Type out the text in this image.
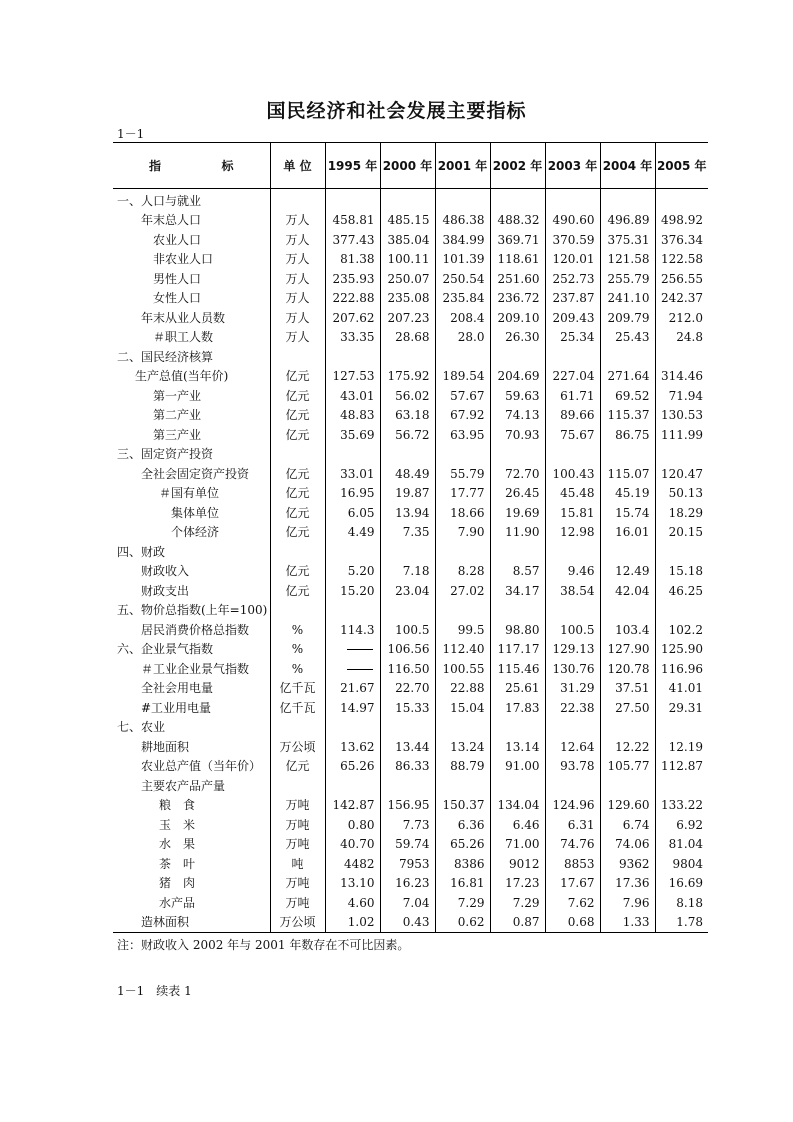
国民经济和社会发展主要指标
1－1
指 标	单 位	1995 年	2000 年	2001 年	2002 年	2003 年	2004 年	2005 年
一、人口与就业								
年末总人口	万人	458.81	485.15	486.38	488.32	490.60	496.89	498.92
农业人口	万人	377.43	385.04	384.99	369.71	370.59	375.31	376.34
非农业人口	万人	81.38	100.11	101.39	118.61	120.01	121.58	122.58
男性人口	万人	235.93	250.07	250.54	251.60	252.73	255.79	256.55
女性人口	万人	222.88	235.08	235.84	236.72	237.87	241.10	242.37
年末从业人员数	万人	207.62	207.23	208.4	209.10	209.43	209.79	212.0
＃职工人数	万人	33.35	28.68	28.0	26.30	25.34	25.43	24.8
二、国民经济核算								
生产总值(当年价)	亿元	127.53	175.92	189.54	204.69	227.04	271.64	314.46
第一产业	亿元	43.01	56.02	57.67	59.63	61.71	69.52	71.94
第二产业	亿元	48.83	63.18	67.92	74.13	89.66	115.37	130.53
第三产业	亿元	35.69	56.72	63.95	70.93	75.67	86.75	111.99
三、固定资产投资								
全社会固定资产投资	亿元	33.01	48.49	55.79	72.70	100.43	115.07	120.47
＃国有单位	亿元	16.95	19.87	17.77	26.45	45.48	45.19	50.13
集体单位	亿元	6.05	13.94	18.66	19.69	15.81	15.74	18.29
个体经济	亿元	4.49	7.35	7.90	11.90	12.98	16.01	20.15
四、财政								
财政收入	亿元	5.20	7.18	8.28	8.57	9.46	12.49	15.18
财政支出	亿元	15.20	23.04	27.02	34.17	38.54	42.04	46.25
五、物价总指数(上年=100)								
居民消费价格总指数	%	114.3	100.5	99.5	98.80	100.5	103.4	102.2
六、企业景气指数	%		106.56	112.40	117.17	129.13	127.90	125.90
＃工业企业景气指数	%		116.50	100.55	115.46	130.76	120.78	116.96
全社会用电量	亿千瓦	21.67	22.70	22.88	25.61	31.29	37.51	41.01
#工业用电量	亿千瓦	14.97	15.33	15.04	17.83	22.38	27.50	29.31
七、农业								
耕地面积	万公顷	13.62	13.44	13.24	13.14	12.64	12.22	12.19
农业总产值（当年价）	亿元	65.26	86.33	88.79	91.00	93.78	105.77	112.87
主要农产品产量								
粮　食	万吨	142.87	156.95	150.37	134.04	124.96	129.60	133.22
玉　米	万吨	0.80	7.73	6.36	6.46	6.31	6.74	6.92
水　果	万吨	40.70	59.74	65.26	71.00	74.76	74.06	81.04
茶　叶	吨	4482	7953	8386	9012	8853	9362	9804
猪　肉	万吨	13.10	16.23	16.81	17.23	17.67	17.36	16.69
水产品	万吨	4.60	7.04	7.29	7.29	7.62	7.96	8.18
造林面积	万公顷	1.02	0.43	0.62	0.87	0.68	1.33	1.78
注：财政收入 2002 年与 2001 年数存在不可比因素。
1－1　续表 1
